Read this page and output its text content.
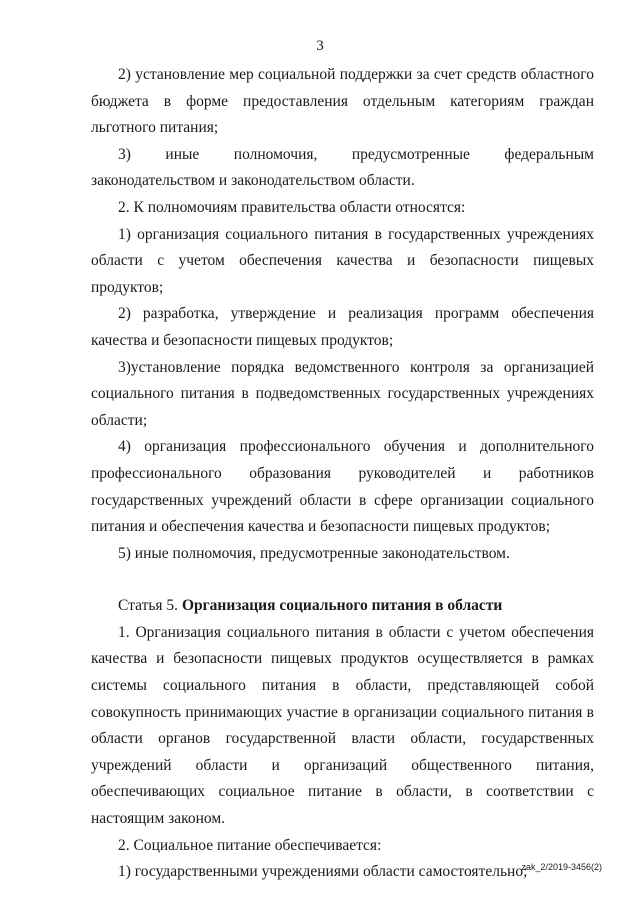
3

2) установление мер социальной поддержки за счет средств областного бюджета в форме предоставления отдельным категориям граждан льготного питания;

3) иные полномочия, предусмотренные федеральным законодательством и законодательством области.

2. К полномочиям правительства области относятся:

1) организация социального питания в государственных учреждениях области с учетом обеспечения качества и безопасности пищевых продуктов;

2) разработка, утверждение и реализация программ обеспечения качества и безопасности пищевых продуктов;

3)установление порядка ведомственного контроля за организацией социального питания в подведомственных государственных учреждениях области;

4) организация профессионального обучения и дополнительного профессионального образования руководителей и работников государственных учреждений области в сфере организации социального питания и обеспечения качества и безопасности пищевых продуктов;

5) иные полномочия, предусмотренные законодательством.

Статья 5. Организация социального питания в области

1. Организация социального питания в области с учетом обеспечения качества и безопасности пищевых продуктов осуществляется в рамках системы социального питания в области, представляющей собой совокупность принимающих участие в организации социального питания в области органов государственной власти области, государственных учреждений области и организаций общественного питания, обеспечивающих социальное питание в области, в соответствии с настоящим законом.

2. Социальное питание обеспечивается:

1) государственными учреждениями области самостоятельно;

zak_2/2019-3456(2)
